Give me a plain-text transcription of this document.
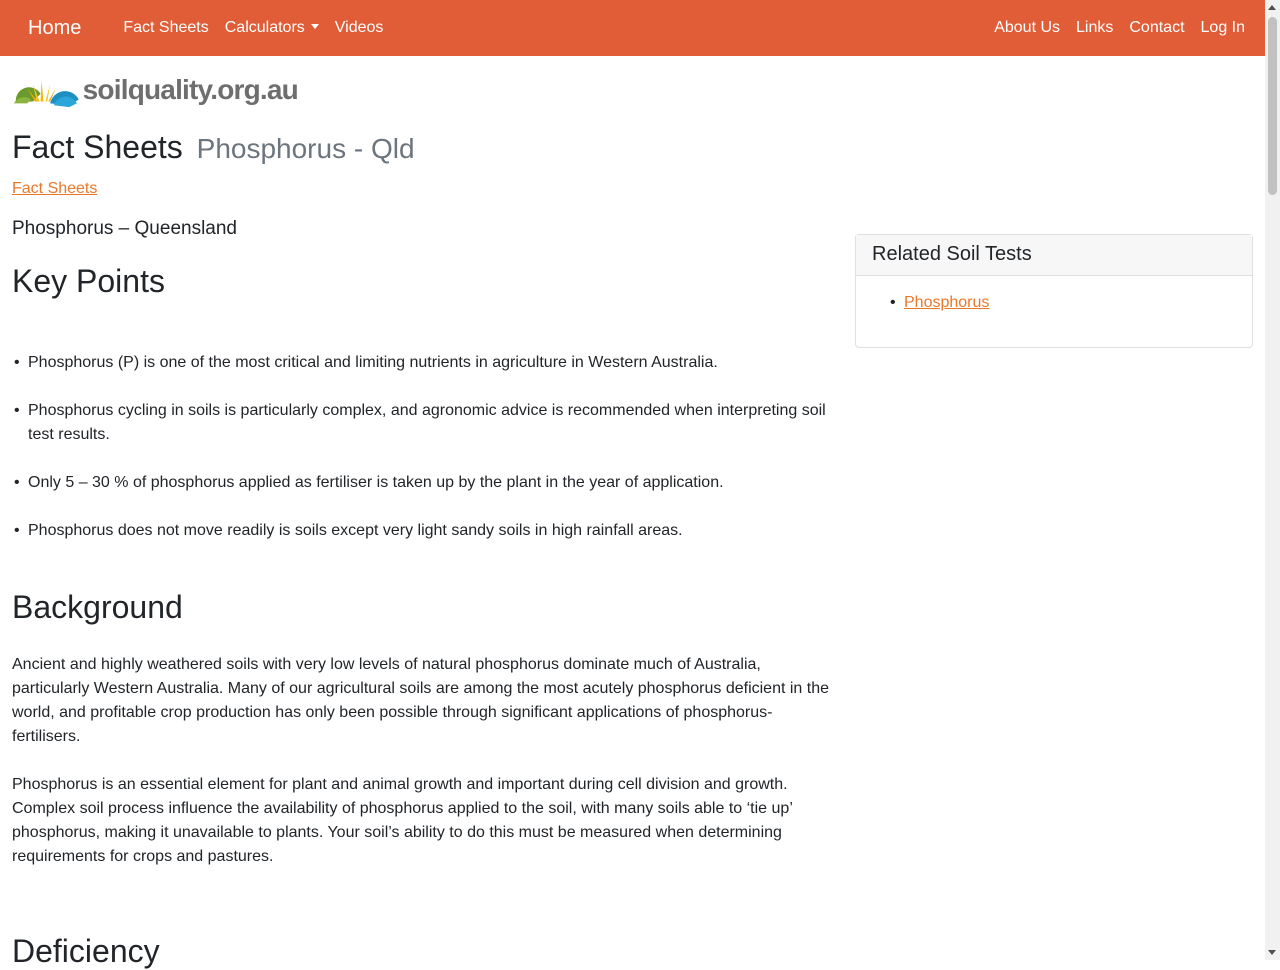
Home	Fact Sheets Calculators	Videos	About Us Links Contact Log In
soilquality.org.au
Fact Sheets Phosphorus - Qld
Fact Sheets

Phosphorus – Queensland

Key Points
• Phosphorus (P) is one of the most critical and limiting nutrients in agriculture in Western Australia.
• Phosphorus cycling in soils is particularly complex, and agronomic advice is recommended when interpreting soil test results.
• Only 5 – 30 % of phosphorus applied as fertiliser is taken up by the plant in the year of application.
• Phosphorus does not move readily is soils except very light sandy soils in high rainfall areas.
Background

Ancient and highly weathered soils with very low levels of natural phosphorus dominate much of Australia, particularly Western Australia. Many of our agricultural soils are among the most acutely phosphorus deficient in the world, and profitable crop production has only been possible through significant applications of phosphorus-fertilisers.

Phosphorus is an essential element for plant and animal growth and important during cell division and growth. Complex soil process influence the availability of phosphorus applied to the soil, with many soils able to ‘tie up’ phosphorus, making it unavailable to plants. Your soil’s ability to do this must be measured when determining requirements for crops and pastures.

Deficiency
Related Soil Tests
• Phosphorus
